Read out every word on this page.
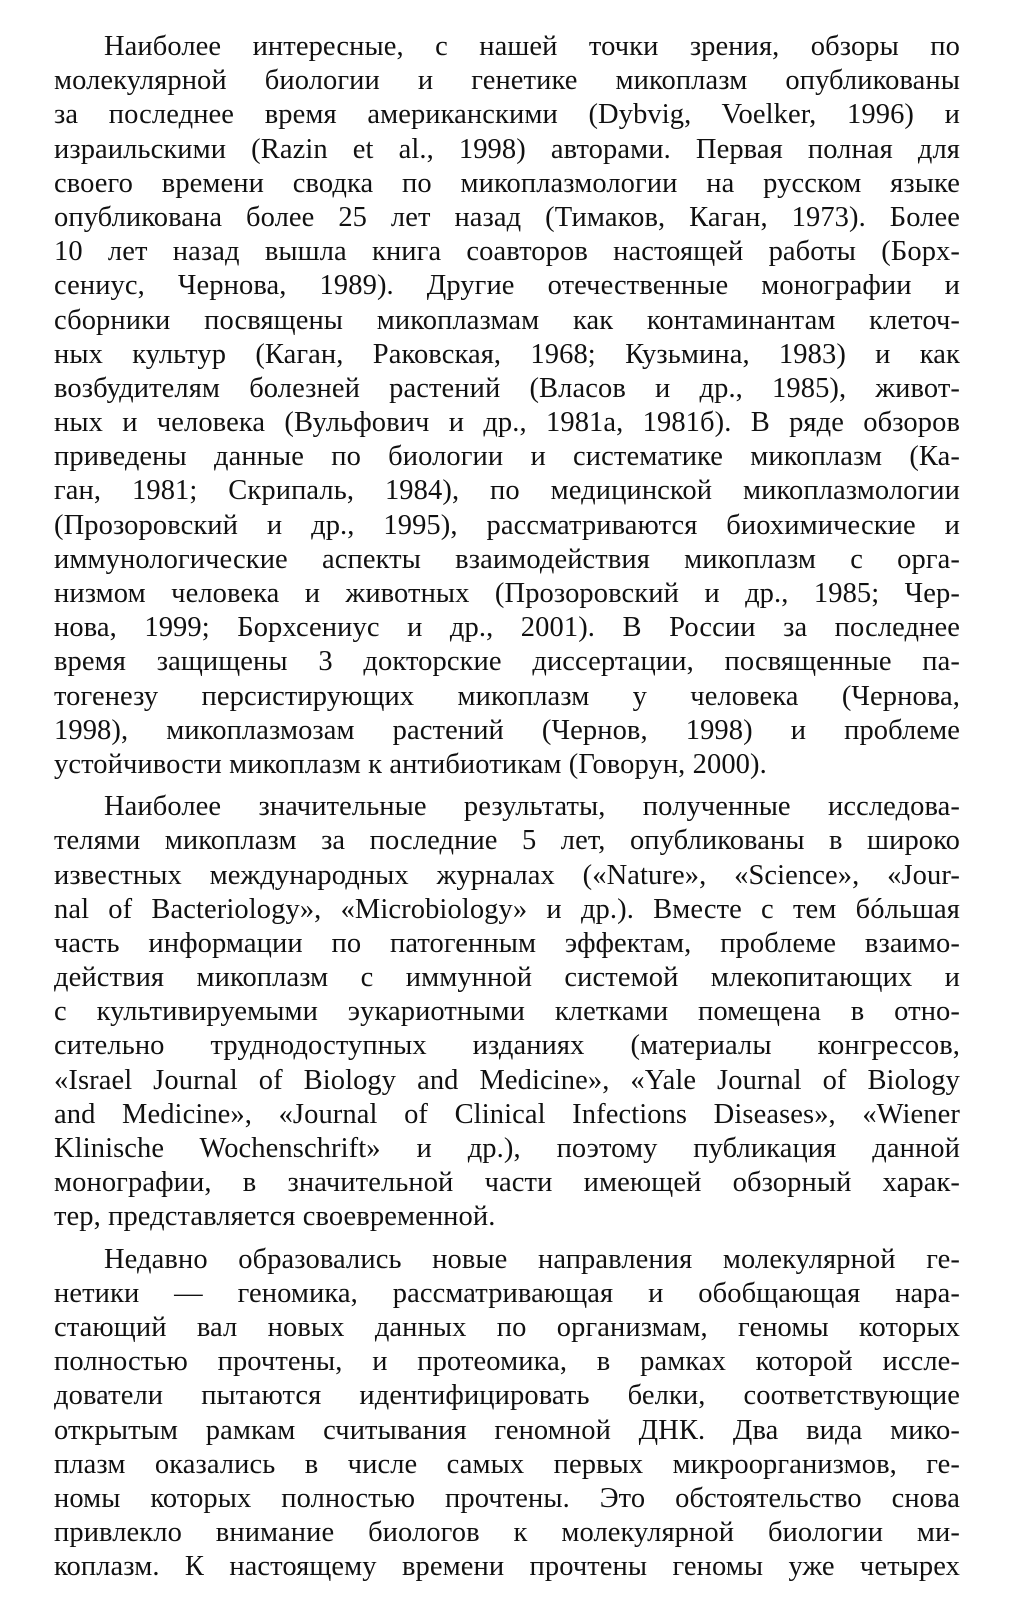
Наиболее интересные, с нашей точки зрения, обзоры по
молекулярной биологии и генетике микоплазм опубликованы
за последнее время американскими (Dybvig, Voelker, 1996) и
израильскими (Razin et al., 1998) авторами. Первая полная для
своего времени сводка по микоплазмологии на русском языке
опубликована более 25 лет назад (Тимаков, Каган, 1973). Более
10 лет назад вышла книга соавторов настоящей работы (Борх-
сениус, Чернова, 1989). Другие отечественные монографии и
сборники посвящены микоплазмам как контаминантам клеточ-
ных культур (Каган, Раковская, 1968; Кузьмина, 1983) и как
возбудителям болезней растений (Власов и др., 1985), живот-
ных и человека (Вульфович и др., 1981а, 1981б). В ряде обзоров
приведены данные по биологии и систематике микоплазм (Ка-
ган, 1981; Скрипаль, 1984), по медицинской микоплазмологии
(Прозоровский и др., 1995), рассматриваются биохимические и
иммунологические аспекты взаимодействия микоплазм с орга-
низмом человека и животных (Прозоровский и др., 1985; Чер-
нова, 1999; Борхсениус и др., 2001). В России за последнее
время защищены 3 докторские диссертации, посвященные па-
тогенезу персистирующих микоплазм у человека (Чернова,
1998), микоплазмозам растений (Чернов, 1998) и проблеме
устойчивости микоплазм к антибиотикам (Говорун, 2000).
Наиболее значительные результаты, полученные исследова-
телями микоплазм за последние 5 лет, опубликованы в широко
известных международных журналах («Nature», «Science», «Jour-
nal of Bacteriology», «Microbiology» и др.). Вместе с тем бóльшая
часть информации по патогенным эффектам, проблеме взаимо-
действия микоплазм с иммунной системой млекопитающих и
с культивируемыми эукариотными клетками помещена в отно-
сительно труднодоступных изданиях (материалы конгрессов,
«Israel Journal of Biology and Medicine», «Yale Journal of Biology
and Medicine», «Journal of Clinical Infections Diseases», «Wiener
Klinische Wochenschrift» и др.), поэтому публикация данной
монографии, в значительной части имеющей обзорный харак-
тер, представляется своевременной.
Недавно образовались новые направления молекулярной ге-
нетики — геномика, рассматривающая и обобщающая нара-
стающий вал новых данных по организмам, геномы которых
полностью прочтены, и протеомика, в рамках которой иссле-
дователи пытаются идентифицировать белки, соответствующие
открытым рамкам считывания геномной ДНК. Два вида мико-
плазм оказались в числе самых первых микроорганизмов, ге-
номы которых полностью прочтены. Это обстоятельство снова
привлекло внимание биологов к молекулярной биологии ми-
коплазм. К настоящему времени прочтены геномы уже четырех
